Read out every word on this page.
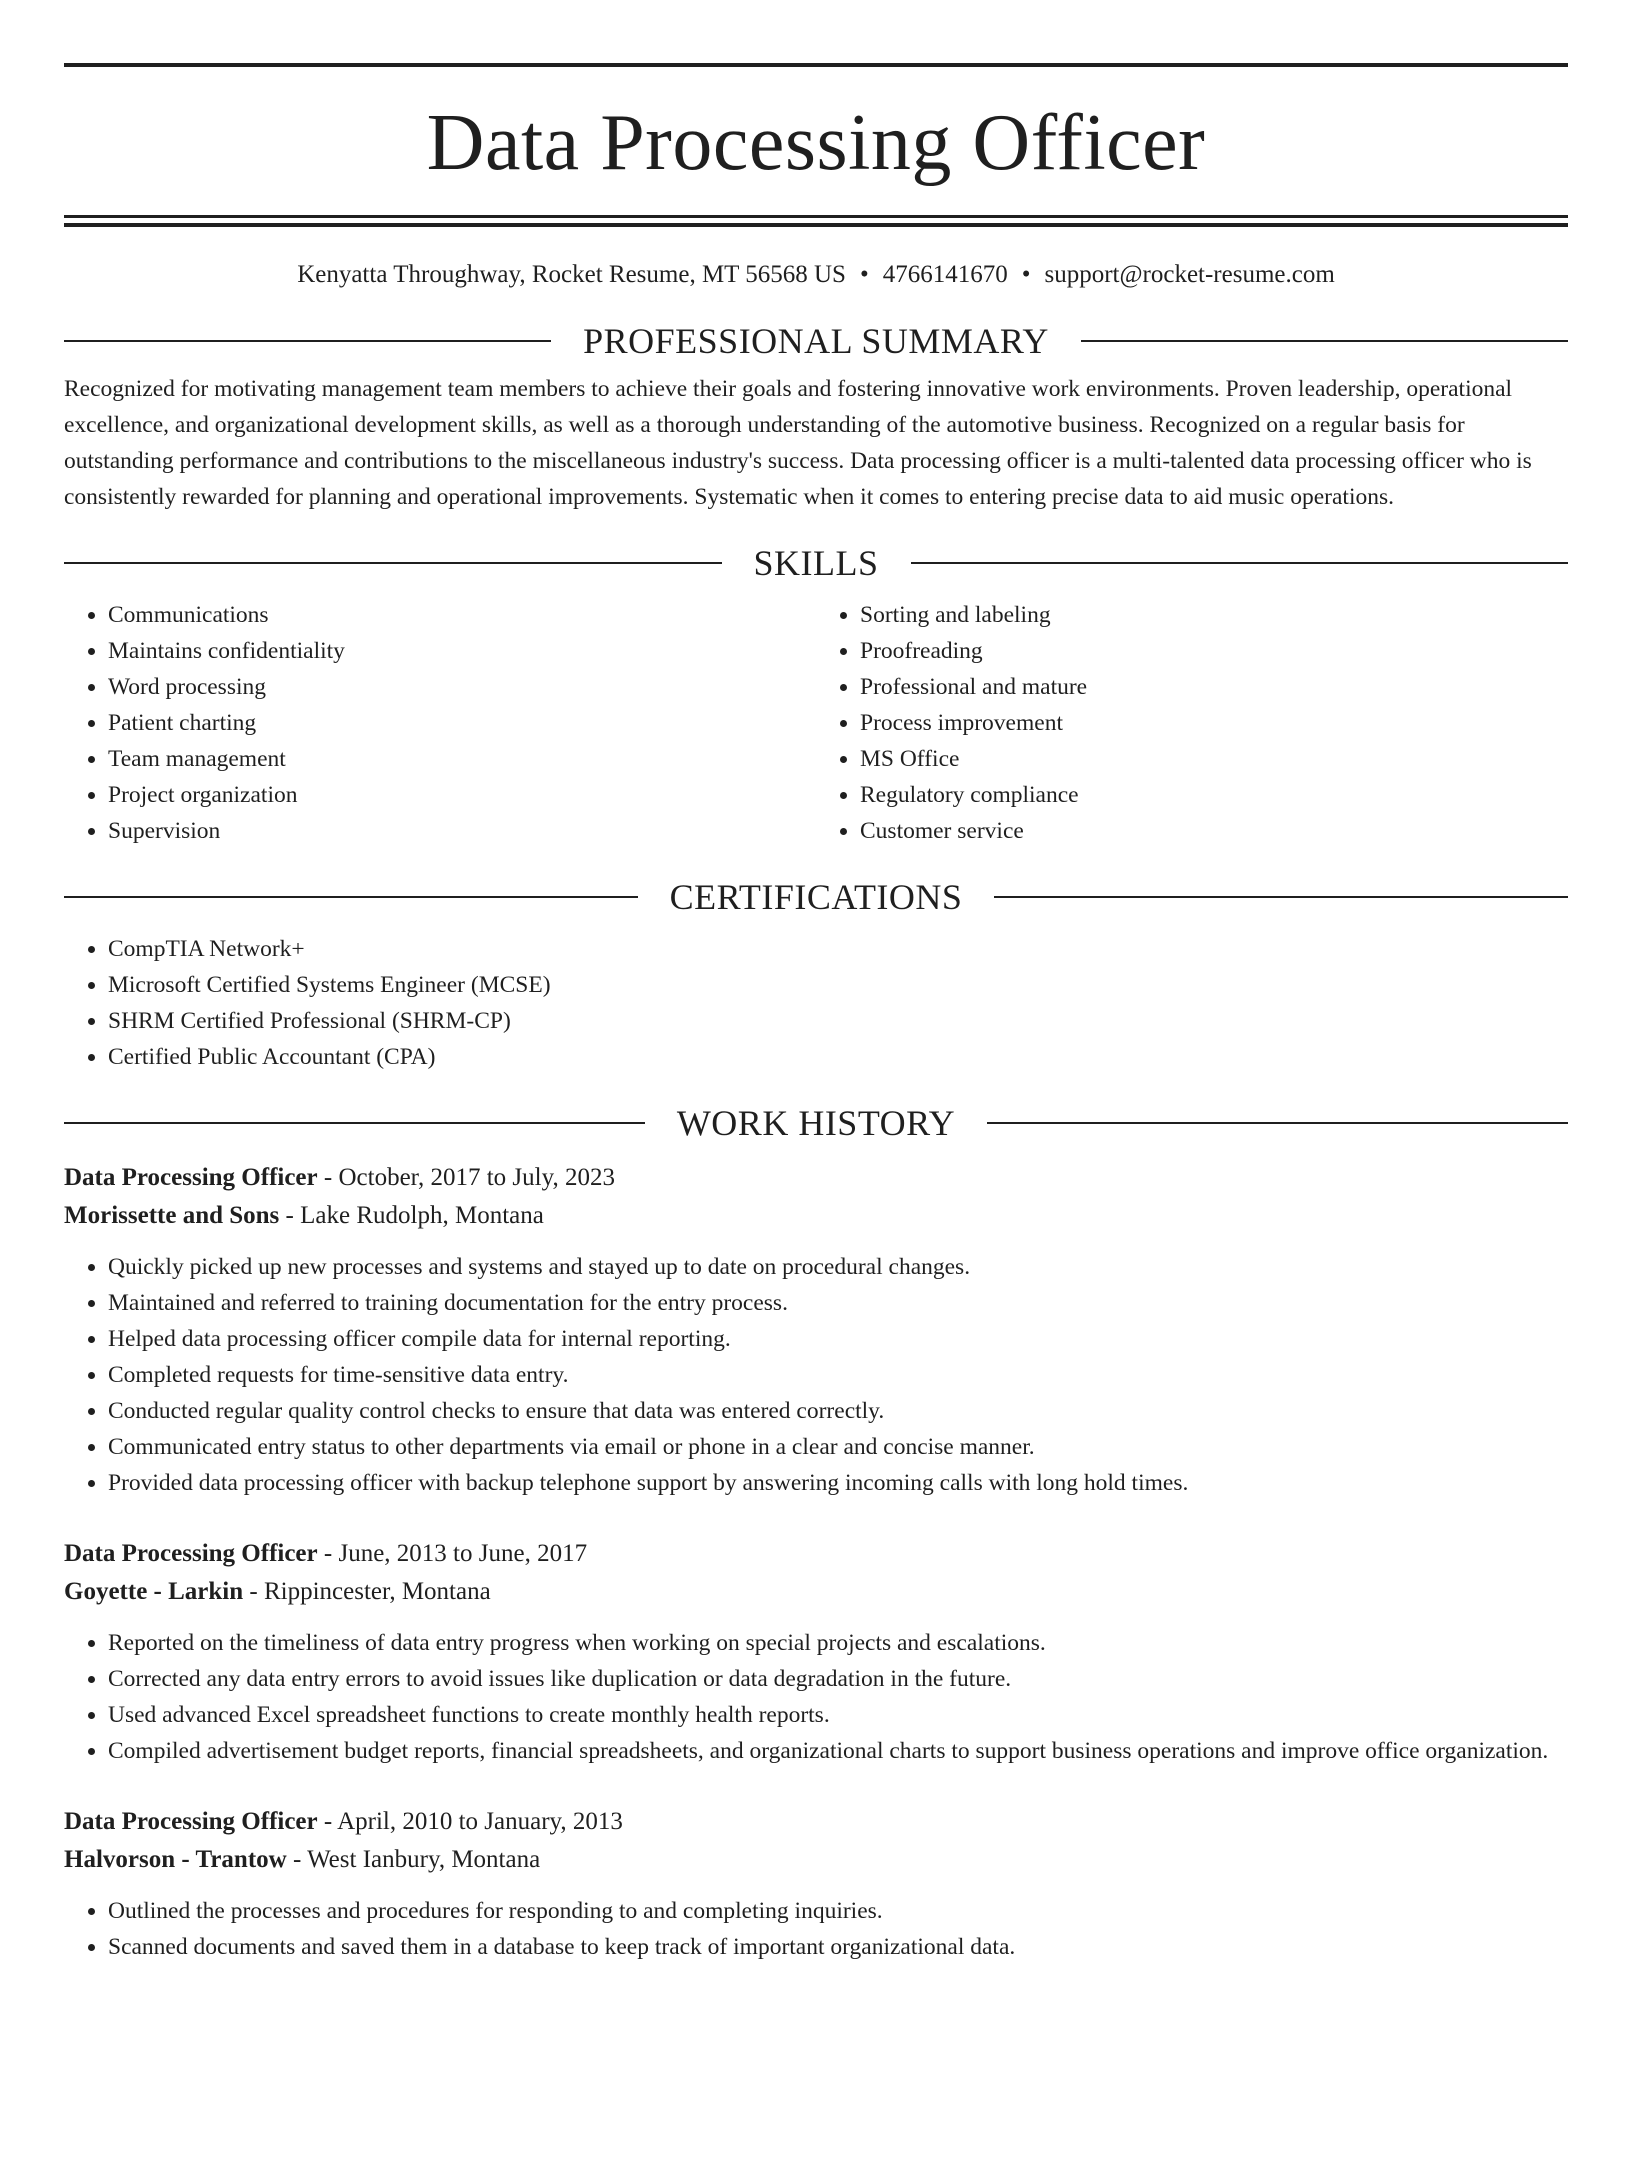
Data Processing Officer
Kenyatta Throughway, Rocket Resume, MT 56568 US • 4766141670 • support@rocket-resume.com
PROFESSIONAL SUMMARY

Recognized for motivating management team members to achieve their goals and fostering innovative work environments. Proven leadership, operational excellence, and organizational development skills, as well as a thorough understanding of the automotive business. Recognized on a regular basis for outstanding performance and contributions to the miscellaneous industry's success. Data processing officer is a multi-talented data processing officer who is consistently rewarded for planning and operational improvements. Systematic when it comes to entering precise data to aid music operations.

SKILLS
• Communications
• Maintains confidentiality
• Word processing
• Patient charting
• Team management
• Project organization
• Supervision
• Sorting and labeling
• Proofreading
• Professional and mature
• Process improvement
• MS Office
• Regulatory compliance
• Customer service
CERTIFICATIONS
• CompTIA Network+
• Microsoft Certified Systems Engineer (MCSE)
• SHRM Certified Professional (SHRM-CP)
• Certified Public Accountant (CPA)
WORK HISTORY
Data Processing Officer - October, 2017 to July, 2023
Morissette and Sons - Lake Rudolph, Montana
• Quickly picked up new processes and systems and stayed up to date on procedural changes.
• Maintained and referred to training documentation for the entry process.
• Helped data processing officer compile data for internal reporting.
• Completed requests for time-sensitive data entry.
• Conducted regular quality control checks to ensure that data was entered correctly.
• Communicated entry status to other departments via email or phone in a clear and concise manner.
• Provided data processing officer with backup telephone support by answering incoming calls with long hold times.
Data Processing Officer - June, 2013 to June, 2017
Goyette - Larkin - Rippincester, Montana
• Reported on the timeliness of data entry progress when working on special projects and escalations.
• Corrected any data entry errors to avoid issues like duplication or data degradation in the future.
• Used advanced Excel spreadsheet functions to create monthly health reports.
• Compiled advertisement budget reports, financial spreadsheets, and organizational charts to support business operations and improve office organization.
Data Processing Officer - April, 2010 to January, 2013
Halvorson - Trantow - West Ianbury, Montana
• Outlined the processes and procedures for responding to and completing inquiries.
• Scanned documents and saved them in a database to keep track of important organizational data.
